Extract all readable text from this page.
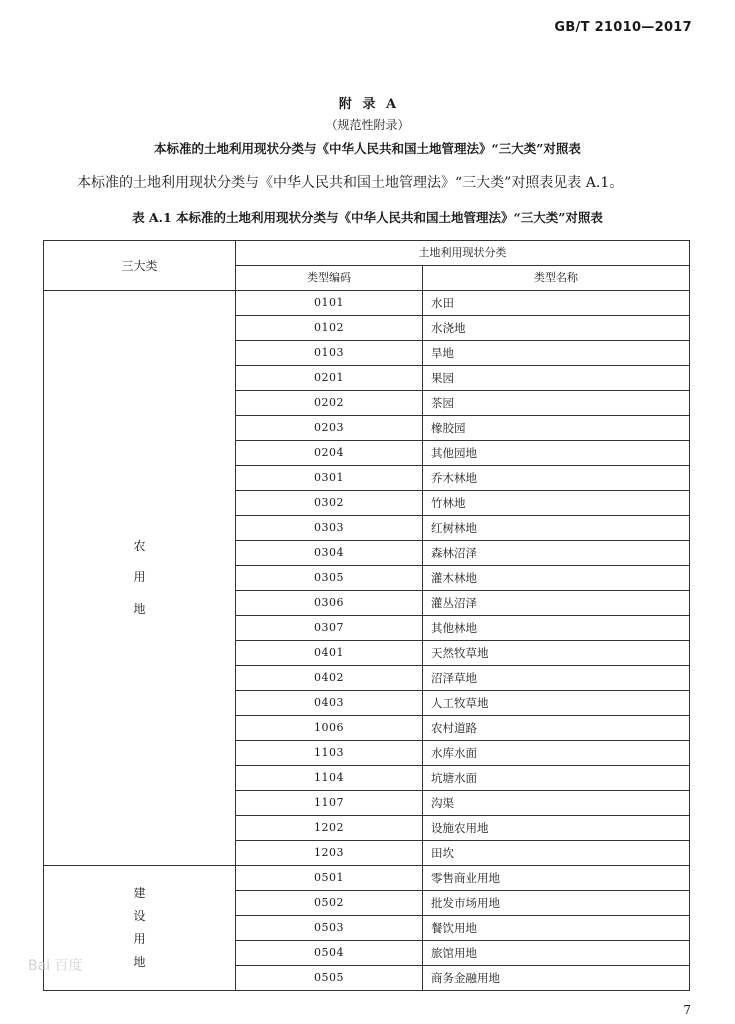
GB/T 21010—2017
附 录 A
（规范性附录）
本标准的土地利用现状分类与《中华人民共和国土地管理法》“三大类”对照表
本标准的土地利用现状分类与《中华人民共和国土地管理法》“三大类”对照表见表 A.1。
表 A.1 本标准的土地利用现状分类与《中华人民共和国土地管理法》“三大类”对照表
三大类	土地利用现状分类	
	类型编码	类型名称

农
用
地	0101	水田
	0102	水浇地
	0103	旱地
	0201	果园
	0202	茶园
	0203	橡胶园
	0204	其他园地
	0301	乔木林地
	0302	竹林地
	0303	红树林地
	0304	森林沼泽
	0305	灌木林地
	0306	灌丛沼泽
	0307	其他林地
	0401	天然牧草地
	0402	沼泽草地
	0403	人工牧草地
	1006	农村道路
	1103	水库水面
	1104	坑塘水面
	1107	沟渠
	1202	设施农用地
	1203	田坎

建
设
用
地	0501	零售商业用地
	0502	批发市场用地
	0503	餐饮用地
	0504	旅馆用地
	0505	商务金融用地
Bai 百度
7
